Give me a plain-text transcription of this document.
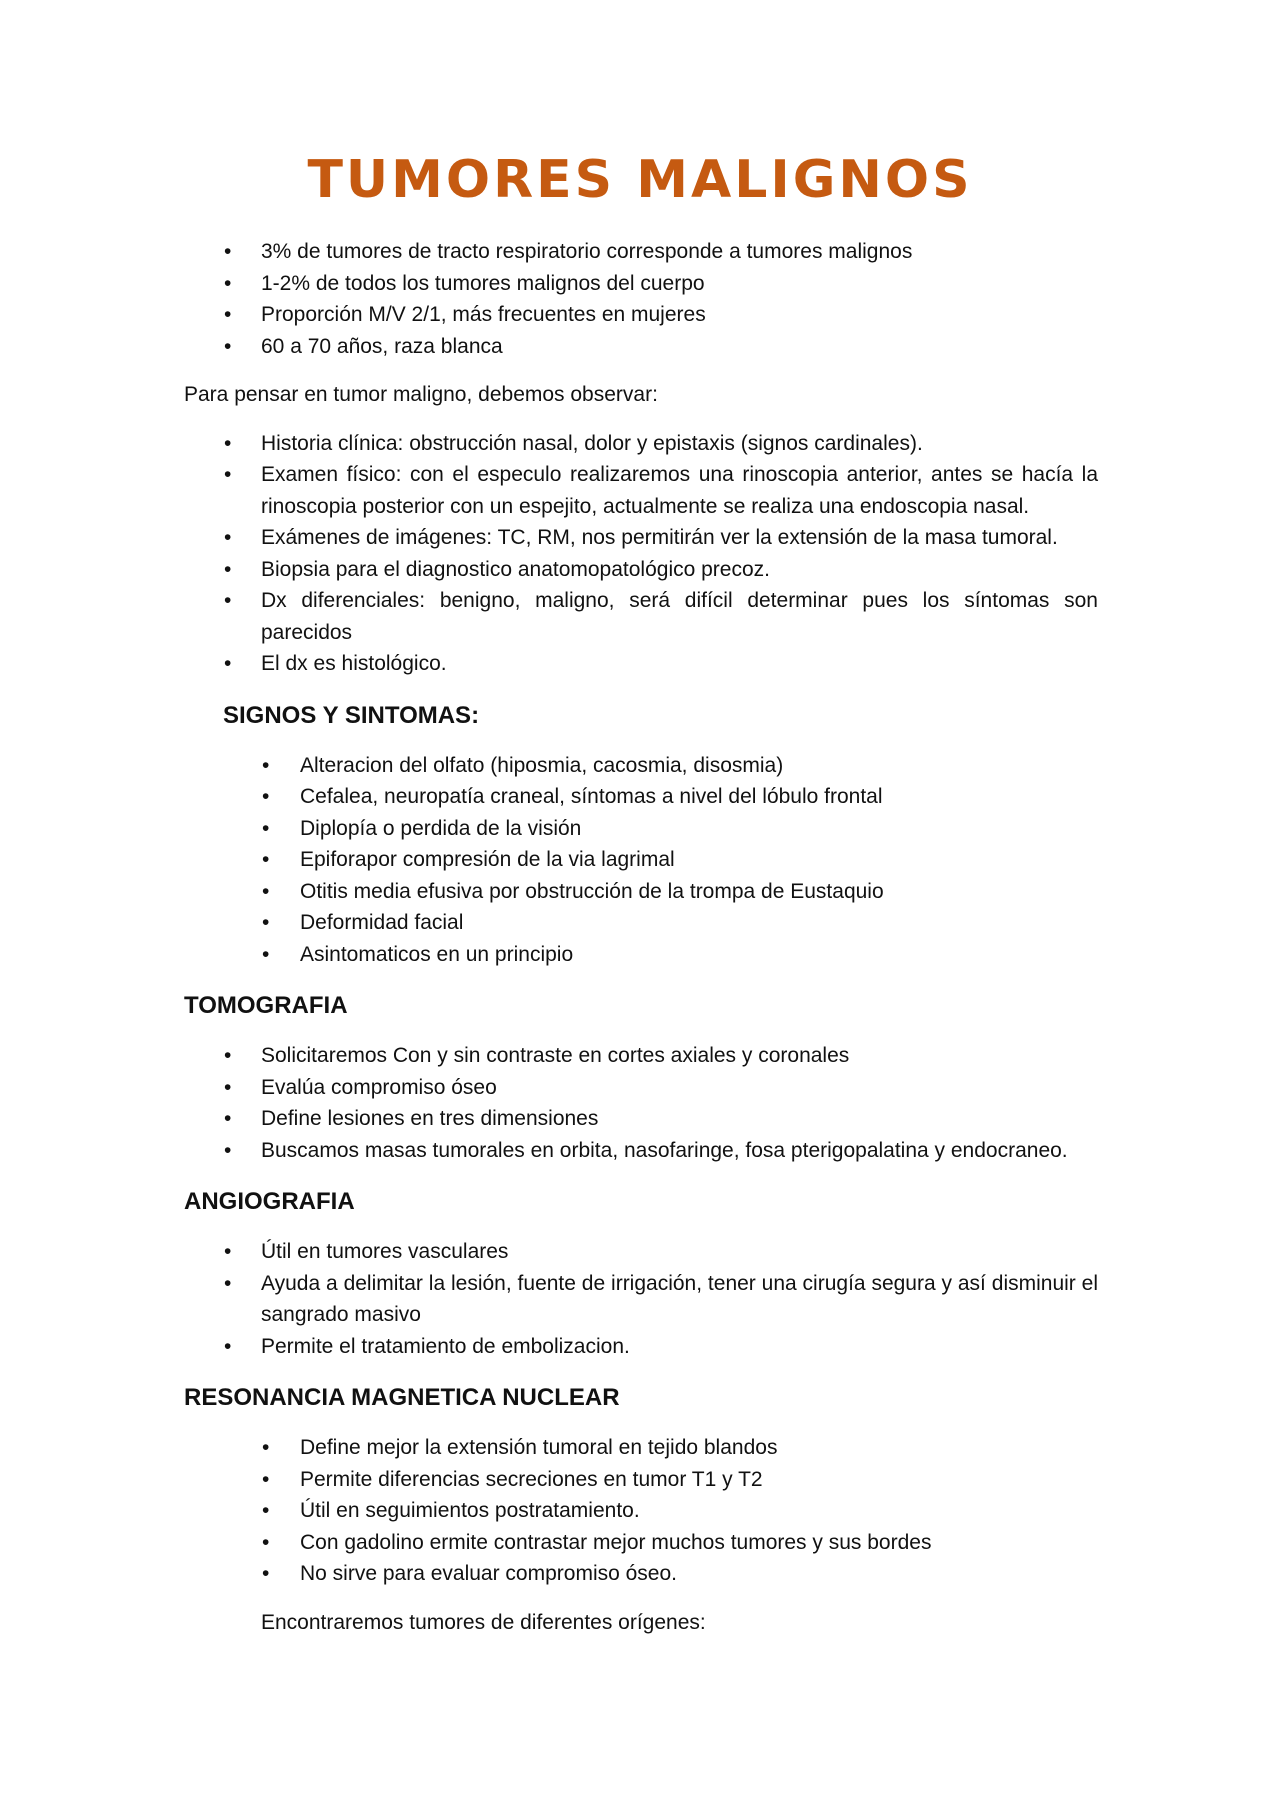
TUMORES MALIGNOS
• 3% de tumores de tracto respiratorio corresponde a tumores malignos
• 1-2% de todos los tumores malignos del cuerpo
• Proporción M/V 2/1, más frecuentes en mujeres
• 60 a 70 años, raza blanca

Para pensar en tumor maligno, debemos observar:

• Historia clínica: obstrucción nasal, dolor y epistaxis (signos cardinales).
• Examen físico: con el especulo realizaremos una rinoscopia anterior, antes se hacía la rinoscopia posterior con un espejito, actualmente se realiza una endoscopia nasal.
• Exámenes de imágenes: TC, RM, nos permitirán ver la extensión de la masa tumoral.
• Biopsia para el diagnostico anatomopatológico precoz.
• Dx diferenciales: benigno, maligno, será difícil determinar pues los síntomas son parecidos
• El dx es histológico.
SIGNOS Y SINTOMAS:
• Alteracion del olfato (hiposmia, cacosmia, disosmia)
• Cefalea, neuropatía craneal, síntomas a nivel del lóbulo frontal
• Diplopía o perdida de la visión
• Epiforapor compresión de la via lagrimal
• Otitis media efusiva por obstrucción de la trompa de Eustaquio
• Deformidad facial
• Asintomaticos en un principio
TOMOGRAFIA
• Solicitaremos Con y sin contraste en cortes axiales y coronales
• Evalúa compromiso óseo
• Define lesiones en tres dimensiones
• Buscamos masas tumorales en orbita, nasofaringe, fosa pterigopalatina y endocraneo.
ANGIOGRAFIA
• Útil en tumores vasculares
• Ayuda a delimitar la lesión, fuente de irrigación, tener una cirugía segura y así disminuir el sangrado masivo
• Permite el tratamiento de embolizacion.
RESONANCIA MAGNETICA NUCLEAR
• Define mejor la extensión tumoral en tejido blandos
• Permite diferencias secreciones en tumor T1 y T2
• Útil en seguimientos postratamiento.
• Con gadolino ermite contrastar mejor muchos tumores y sus bordes
• No sirve para evaluar compromiso óseo.

Encontraremos tumores de diferentes orígenes:
